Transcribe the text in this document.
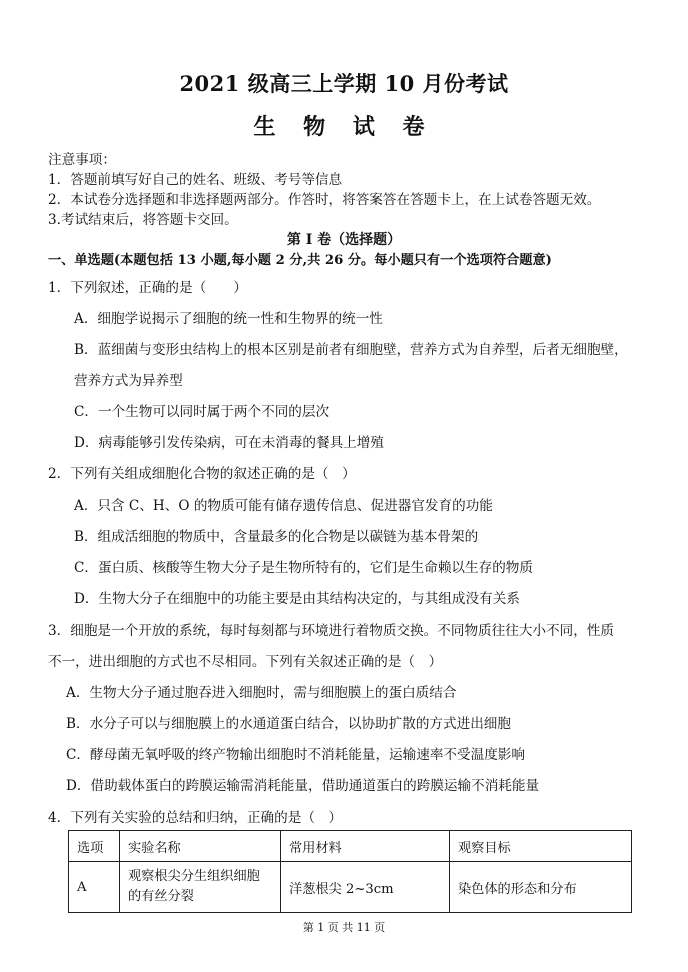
2021 级高三上学期 10 月份考试
生 物 试 卷
注意事项：
1．答题前填写好自己的姓名、班级、考号等信息
2．本试卷分选择题和非选择题两部分。作答时，将答案答在答题卡上，在上试卷答题无效。
3.考试结束后，将答题卡交回。
第 I 卷（选择题）
一、单选题(本题包括 13 小题,每小题 2 分,共 26 分。每小题只有一个选项符合题意)
1．下列叙述，正确的是（　　）
A．细胞学说揭示了细胞的统一性和生物界的统一性
B．蓝细菌与变形虫结构上的根本区别是前者有细胞壁，营养方式为自养型，后者无细胞壁，
营养方式为异养型
C．一个生物可以同时属于两个不同的层次
D．病毒能够引发传染病，可在未消毒的餐具上增殖
2．下列有关组成细胞化合物的叙述正确的是（　）
A．只含 C、H、O 的物质可能有储存遗传信息、促进器官发育的功能
B．组成活细胞的物质中，含量最多的化合物是以碳链为基本骨架的
C．蛋白质、核酸等生物大分子是生物所特有的，它们是生命赖以生存的物质
D．生物大分子在细胞中的功能主要是由其结构决定的，与其组成没有关系
3．细胞是一个开放的系统，每时每刻都与环境进行着物质交换。不同物质往往大小不同，性质
不一，进出细胞的方式也不尽相同。下列有关叙述正确的是（　）
A．生物大分子通过胞吞进入细胞时，需与细胞膜上的蛋白质结合
B．水分子可以与细胞膜上的水通道蛋白结合，以协助扩散的方式进出细胞
C．酵母菌无氧呼吸的终产物输出细胞时不消耗能量，运输速率不受温度影响
D．借助载体蛋白的跨膜运输需消耗能量，借助通道蛋白的跨膜运输不消耗能量
4．下列有关实验的总结和归纳，正确的是（　）
选项	实验名称	常用材料	观察目标
A	观察根尖分生组织细胞的有丝分裂	洋葱根尖 2~3cm	染色体的形态和分布
第 1 页 共 11 页
